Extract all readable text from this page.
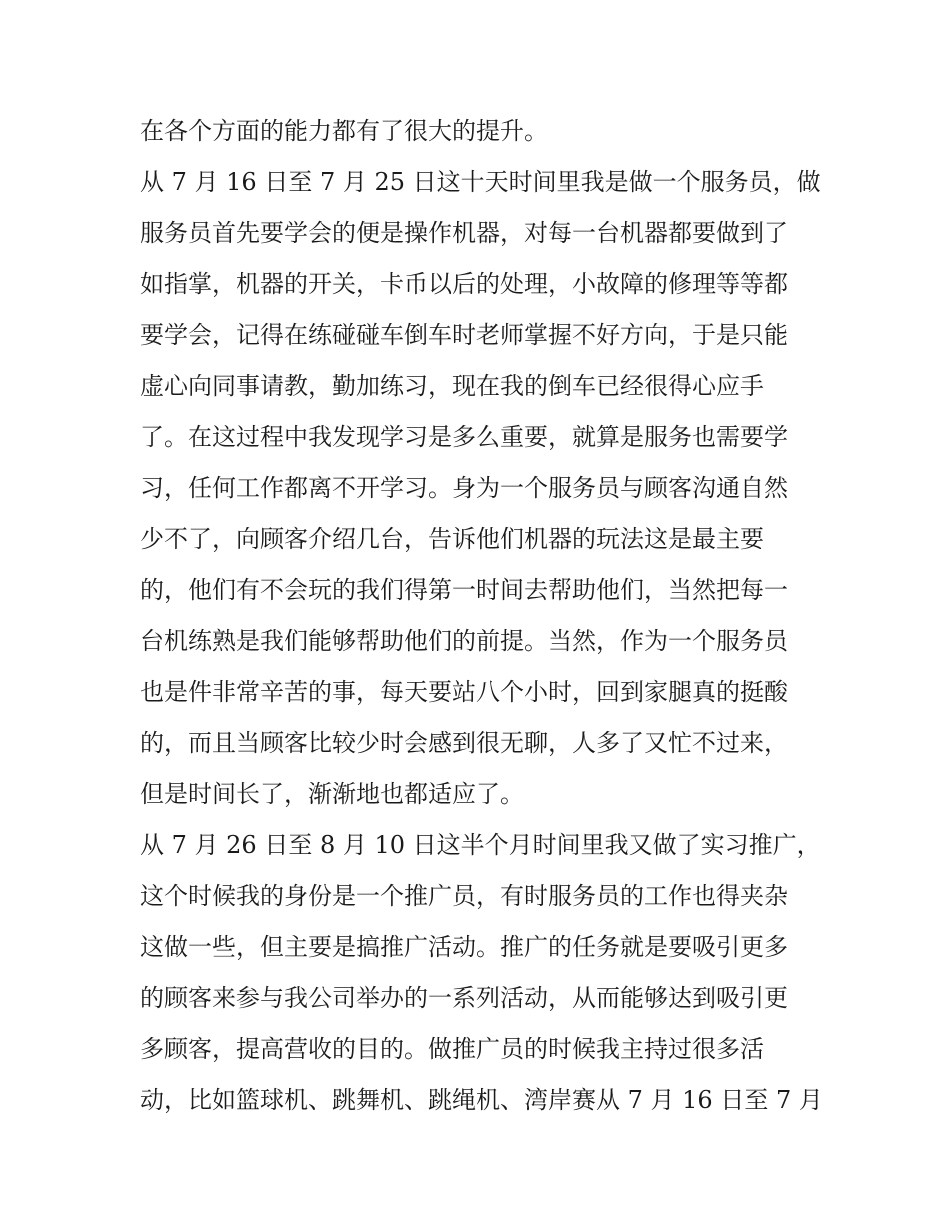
在各个方面的能力都有了很大的提升。
从 7 月 16 日至 7 月 25 日这十天时间里我是做一个服务员，做
服务员首先要学会的便是操作机器，对每一台机器都要做到了
如指掌，机器的开关，卡币以后的处理，小故障的修理等等都
要学会，记得在练碰碰车倒车时老师掌握不好方向，于是只能
虚心向同事请教，勤加练习，现在我的倒车已经很得心应手
了。在这过程中我发现学习是多么重要，就算是服务也需要学
习，任何工作都离不开学习。身为一个服务员与顾客沟通自然
少不了，向顾客介绍几台，告诉他们机器的玩法这是最主要
的，他们有不会玩的我们得第一时间去帮助他们，当然把每一
台机练熟是我们能够帮助他们的前提。当然，作为一个服务员
也是件非常辛苦的事，每天要站八个小时，回到家腿真的挺酸
的，而且当顾客比较少时会感到很无聊，人多了又忙不过来，
但是时间长了，渐渐地也都适应了。
从 7 月 26 日至 8 月 10 日这半个月时间里我又做了实习推广，
这个时候我的身份是一个推广员，有时服务员的工作也得夹杂
这做一些，但主要是搞推广活动。推广的任务就是要吸引更多
的顾客来参与我公司举办的一系列活动，从而能够达到吸引更
多顾客，提高营收的目的。做推广员的时候我主持过很多活
动，比如篮球机、跳舞机、跳绳机、湾岸赛从 7 月 16 日至 7 月
